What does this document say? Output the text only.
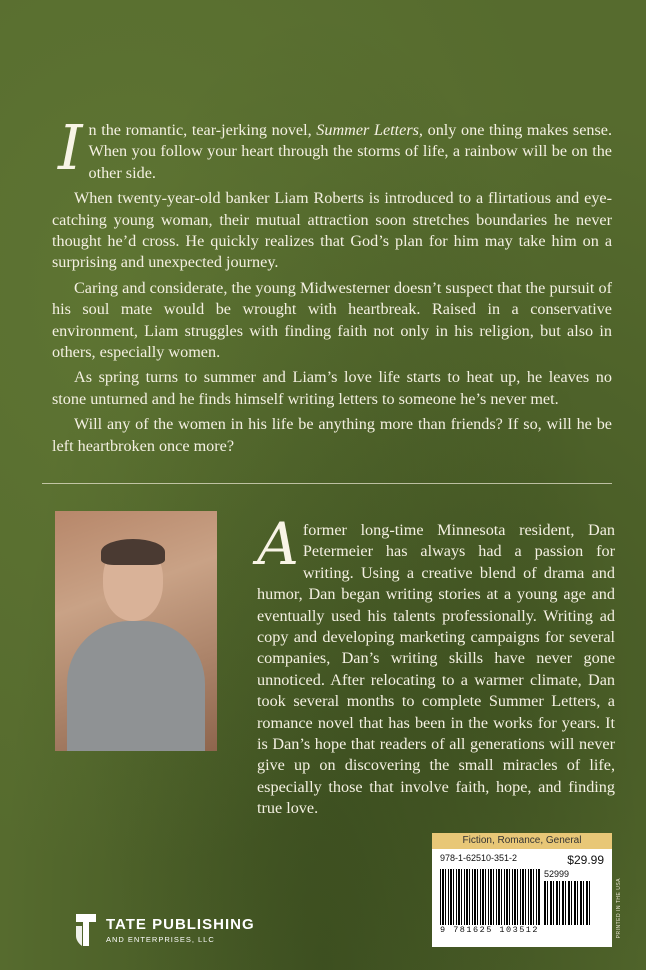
In the romantic, tear-jerking novel, Summer Letters, only one thing makes sense. When you follow your heart through the storms of life, a rainbow will be on the other side.

When twenty-year-old banker Liam Roberts is introduced to a flirtatious and eye-catching young woman, their mutual attraction soon stretches boundaries he never thought he’d cross. He quickly realizes that God’s plan for him may take him on a surprising and unexpected journey.

Caring and considerate, the young Midwesterner doesn’t suspect that the pursuit of his soul mate would be wrought with heartbreak. Raised in a conservative environment, Liam struggles with finding faith not only in his religion, but also in others, especially women.

As spring turns to summer and Liam’s love life starts to heat up, he leaves no stone unturned and he finds himself writing letters to someone he’s never met.

Will any of the women in his life be anything more than friends? If so, will he be left heartbroken once more?

A former long-time Minnesota resident, Dan Petermeier has always had a passion for writing. Using a creative blend of drama and humor, Dan began writing stories at a young age and eventually used his talents professionally. Writing ad copy and developing marketing campaigns for several companies, Dan’s writing skills have never gone unnoticed. After relocating to a warmer climate, Dan took several months to complete Summer Letters, a romance novel that has been in the works for years. It is Dan’s hope that readers of all generations will never give up on discovering the small miracles of life, especially those that involve faith, hope, and finding true love.
Fiction, Romance, General
978-1-62510-351-2	$29.99
52999
9 781625 103512	PRINTED IN THE USA
TATE PUBLISHING
AND ENTERPRISES, LLC
